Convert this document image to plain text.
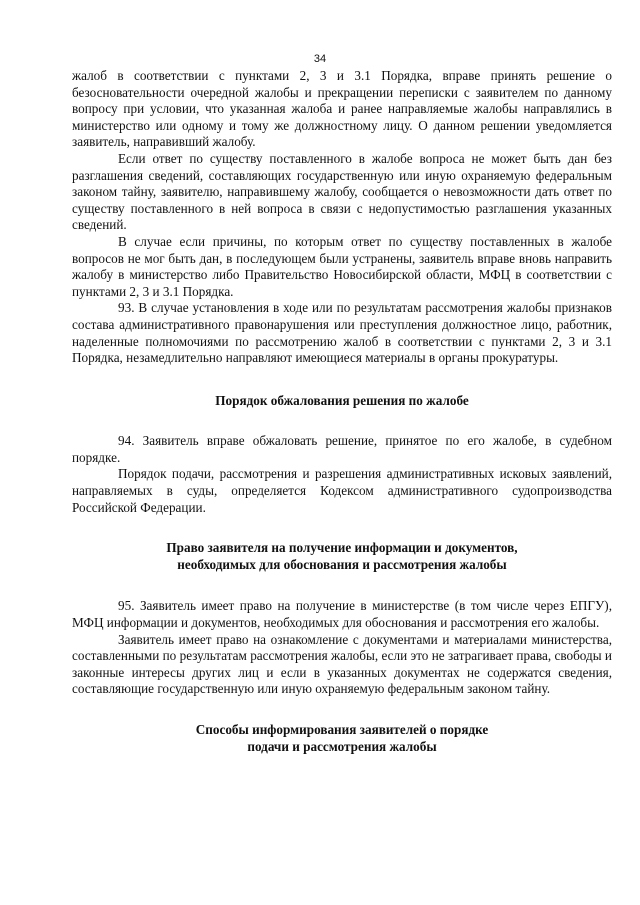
34

жалоб в соответствии с пунктами 2, 3 и 3.1 Порядка, вправе принять решение о безосновательности очередной жалобы и прекращении переписки с заявителем по данному вопросу при условии, что указанная жалоба и ранее направляемые жалобы направлялись в министерство или одному и тому же должностному лицу. О данном решении уведомляется заявитель, направивший жалобу.

Если ответ по существу поставленного в жалобе вопроса не может быть дан без разглашения сведений, составляющих государственную или иную охраняемую федеральным законом тайну, заявителю, направившему жалобу, сообщается о невозможности дать ответ по существу поставленного в ней вопроса в связи с недопустимостью разглашения указанных сведений.

В случае если причины, по которым ответ по существу поставленных в жалобе вопросов не мог быть дан, в последующем были устранены, заявитель вправе вновь направить жалобу в министерство либо Правительство Новосибирской области, МФЦ в соответствии с пунктами 2, 3 и 3.1 Порядка.

93. В случае установления в ходе или по результатам рассмотрения жалобы признаков состава административного правонарушения или преступления должностное лицо, работник, наделенные полномочиями по рассмотрению жалоб в соответствии с пунктами 2, 3 и 3.1 Порядка, незамедлительно направляют имеющиеся материалы в органы прокуратуры.

Порядок обжалования решения по жалобе

94. Заявитель вправе обжаловать решение, принятое по его жалобе, в судебном порядке.

Порядок подачи, рассмотрения и разрешения административных исковых заявлений, направляемых в суды, определяется Кодексом административного судопроизводства Российской Федерации.

Право заявителя на получение информации и документов,
необходимых для обоснования и рассмотрения жалобы

95. Заявитель имеет право на получение в министерстве (в том числе через ЕПГУ), МФЦ информации и документов, необходимых для обоснования и рассмотрения его жалобы.

Заявитель имеет право на ознакомление с документами и материалами министерства, составленными по результатам рассмотрения жалобы, если это не затрагивает права, свободы и законные интересы других лиц и если в указанных документах не содержатся сведения, составляющие государственную или иную охраняемую федеральным законом тайну.

Способы информирования заявителей о порядке
подачи и рассмотрения жалобы
